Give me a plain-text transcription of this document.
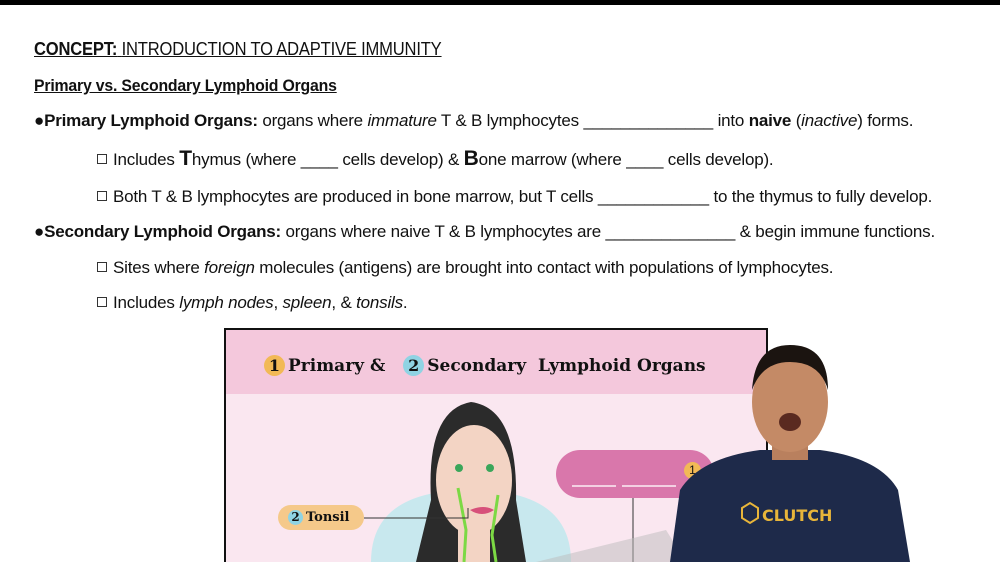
CONCEPT: INTRODUCTION TO ADAPTIVE IMMUNITY
Primary vs. Secondary Lymphoid Organs
●Primary Lymphoid Organs: organs where immature T & B lymphocytes ______________ into naive (inactive) forms.
Includes Thymus (where ____ cells develop) & Bone marrow (where ____ cells develop).
Both T & B lymphocytes are produced in bone marrow, but T cells ____________ to the thymus to fully develop.
●Secondary Lymphoid Organs: organs where naive T & B lymphocytes are ______________ & begin immune functions.
Sites where foreign molecules (antigens) are brought into contact with populations of lymphocytes.
Includes lymph nodes, spleen, & tonsils.
1 Primary & 2 Secondary  Lymphoid Organs
1
2 Tonsil	CLUTCH
